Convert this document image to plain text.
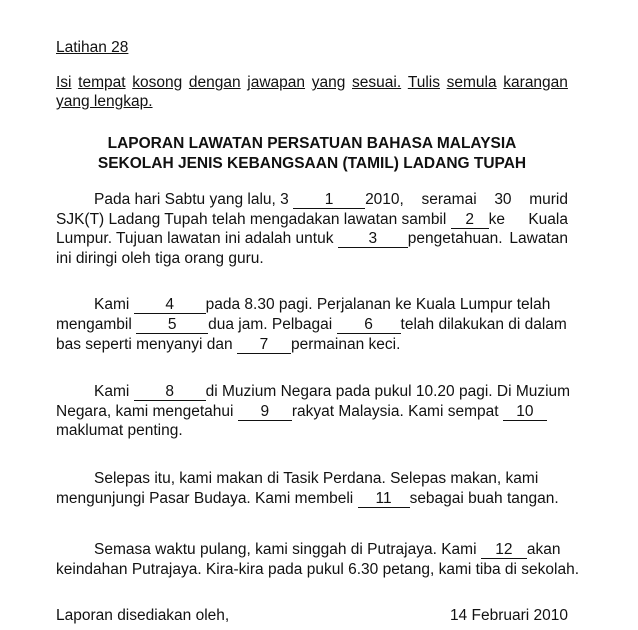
Latihan 28
Isi tempat kosong dengan jawapan yang sesuai. Tulis semula karangan
yang lengkap.
LAPORAN LAWATAN PERSATUAN BAHASA MALAYSIA
SEKOLAH JENIS KEBANGSAAN (TAMIL) LADANG TUPAH
Pada hari Sabtu yang lalu, 3 1 2010, seramai 30 murid
SJK(T) Ladang Tupah telah mengadakan lawatan sambil 2 ke Kuala
Lumpur. Tujuan lawatan ini adalah untuk 3 pengetahuan. Lawatan
ini diringi oleh tiga orang guru.
Kami 4 pada 8.30 pagi. Perjalanan ke Kuala Lumpur telah
mengambil 5 dua jam. Pelbagai 6 telah dilakukan di dalam
bas seperti menyanyi dan 7 permainan keci.
Kami 8 di Muzium Negara pada pukul 10.20 pagi. Di Muzium
Negara, kami mengetahui 9 rakyat Malaysia. Kami sempat 10
maklumat penting.
Selepas itu, kami makan di Tasik Perdana. Selepas makan, kami
mengunjungi Pasar Budaya. Kami membeli 11 sebagai buah tangan.
Semasa waktu pulang, kami singgah di Putrajaya. Kami 12 akan
keindahan Putrajaya. Kira-kira pada pukul 6.30 petang, kami tiba di sekolah.
Laporan disediakan oleh,	14 Februari 2010
